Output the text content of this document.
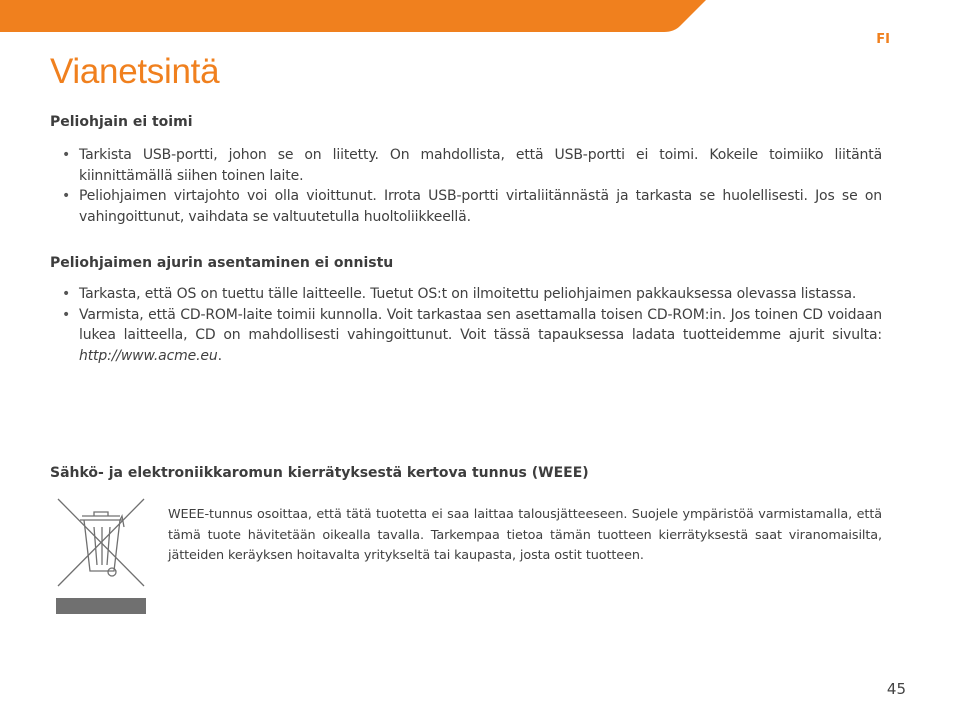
FI
Vianetsintä
Peliohjain ei toimi
• Tarkista USB-portti, johon se on liitetty. On mahdollista, että USB-portti ei toimi. Kokeile toimiiko liitäntä kiinnittämällä siihen toinen laite.
• Peliohjaimen virtajohto voi olla vioittunut. Irrota USB-portti virtaliitännästä ja tarkasta se huolellisesti. Jos se on vahingoittunut, vaihdata se valtuutetulla huoltoliikkeellä.
Peliohjaimen ajurin asentaminen ei onnistu
• Tarkasta, että OS on tuettu tälle laitteelle. Tuetut OS:t on ilmoitettu peliohjaimen pakkauksessa olevassa listassa.
• Varmista, että CD-ROM-laite toimii kunnolla. Voit tarkastaa sen asettamalla toisen CD-ROM:in. Jos toinen CD voidaan lukea laitteella, CD on mahdollisesti vahingoittunut. Voit tässä tapauksessa ladata tuotteidemme ajurit sivulta: http://www.acme.eu.
Sähkö- ja elektroniikkaromun kierrätyksestä kertova tunnus (WEEE)

WEEE-tunnus osoittaa, että tätä tuotetta ei saa laittaa talousjätteeseen. Suojele ympäristöä varmistamalla, että tämä tuote hävitetään oikealla tavalla. Tarkempaa tietoa tämän tuotteen kierrätyksestä saat viranomaisilta, jätteiden keräyksen hoitavalta yritykseltä tai kaupasta, josta ostit tuotteen.

45
